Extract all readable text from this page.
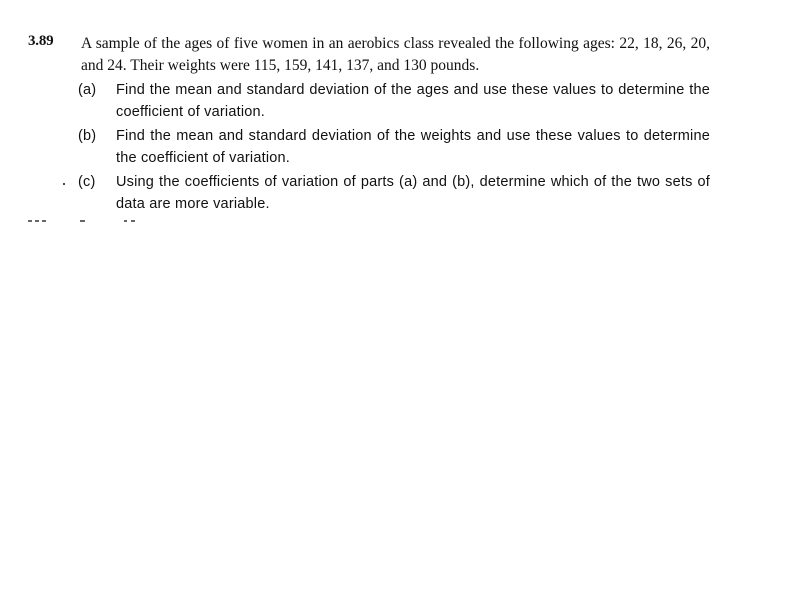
3.89 A sample of the ages of five women in an aerobics class revealed the following ages: 22, 18, 26, 20, and 24. Their weights were 115, 159, 141, 137, and 130 pounds.

(a) Find the mean and standard deviation of the ages and use these values to determine the coefficient of variation.
(b) Find the mean and standard deviation of the weights and use these values to determine the coefficient of variation.
(c) Using the coefficients of variation of parts (a) and (b), determine which of the two sets of data are more variable.
